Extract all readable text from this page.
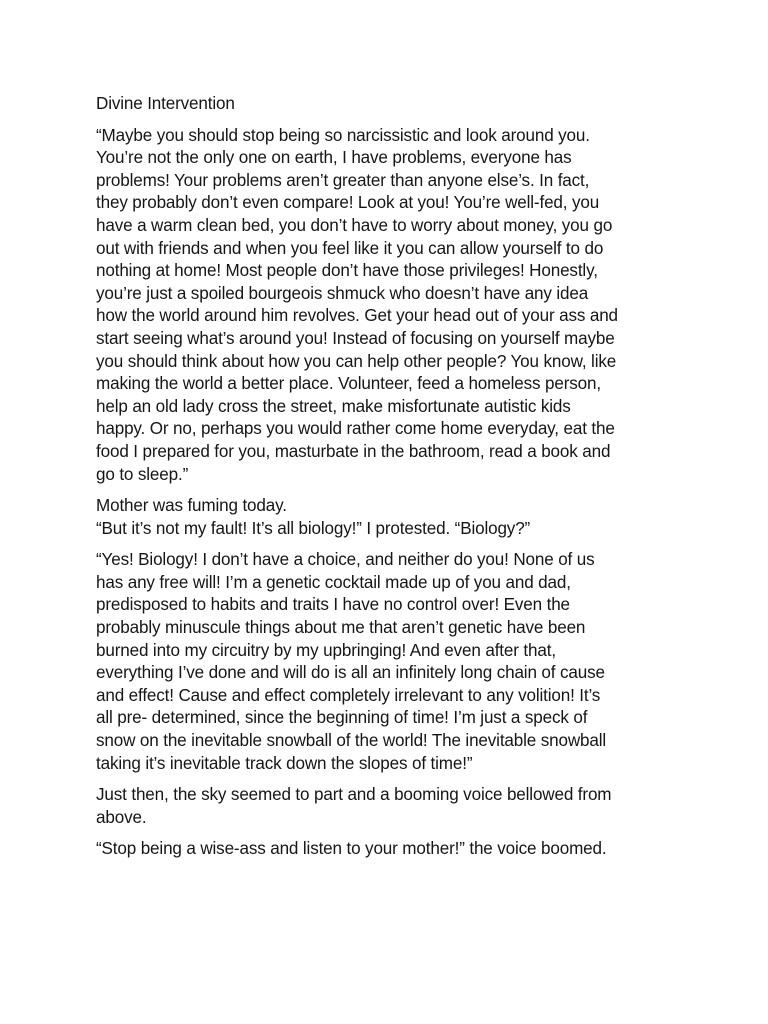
Divine Intervention
“Maybe you should stop being so narcissistic and look around you.
You’re not the only one on earth, I have problems, everyone has
problems! Your problems aren’t greater than anyone else’s. In fact,
they probably don’t even compare! Look at you! You’re well-fed, you
have a warm clean bed, you don’t have to worry about money, you go
out with friends and when you feel like it you can allow yourself to do
nothing at home! Most people don’t have those privileges! Honestly,
you’re just a spoiled bourgeois shmuck who doesn’t have any idea
how the world around him revolves. Get your head out of your ass and
start seeing what’s around you! Instead of focusing on yourself maybe
you should think about how you can help other people? You know, like
making the world a better place. Volunteer, feed a homeless person,
help an old lady cross the street, make misfortunate autistic kids
happy. Or no, perhaps you would rather come home everyday, eat the
food I prepared for you, masturbate in the bathroom, read a book and
go to sleep.”
Mother was fuming today.
“But it’s not my fault! It’s all biology!” I protested. “Biology?”
“Yes! Biology! I don’t have a choice, and neither do you! None of us
has any free will! I’m a genetic cocktail made up of you and dad,
predisposed to habits and traits I have no control over! Even the
probably minuscule things about me that aren’t genetic have been
burned into my circuitry by my upbringing! And even after that,
everything I’ve done and will do is all an infinitely long chain of cause
and effect! Cause and effect completely irrelevant to any volition! It’s
all pre- determined, since the beginning of time! I’m just a speck of
snow on the inevitable snowball of the world! The inevitable snowball
taking it’s inevitable track down the slopes of time!”
Just then, the sky seemed to part and a booming voice bellowed from
above.
“Stop being a wise-ass and listen to your mother!” the voice boomed.
